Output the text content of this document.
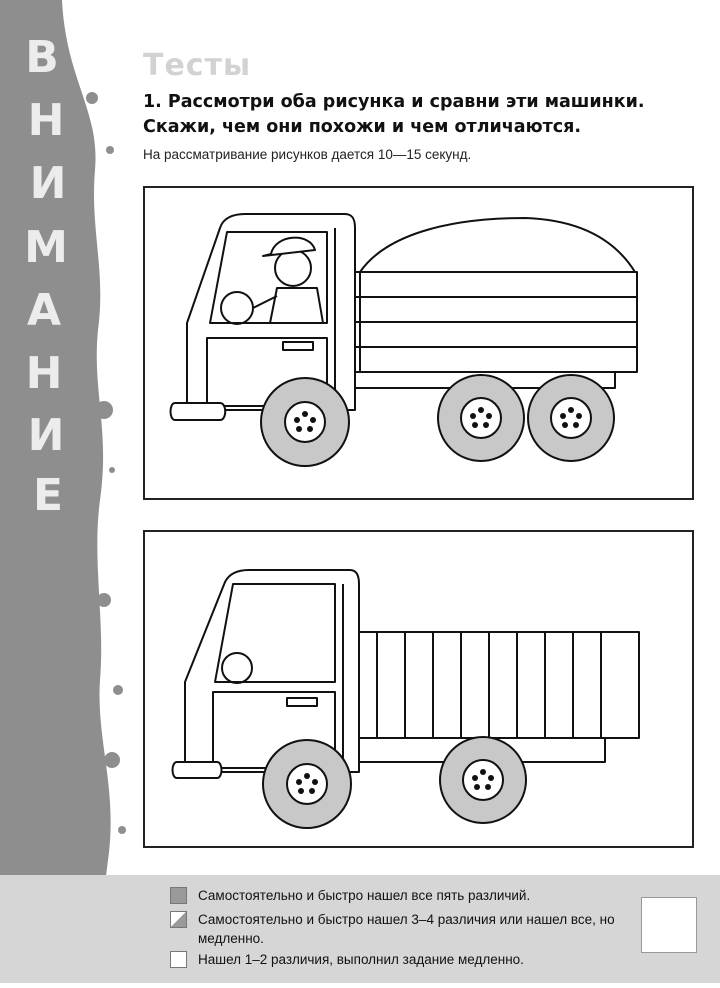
В
Н
И
М
А
Н
И
Е
Тесты

1. Рассмотри оба рисунка и сравни эти машинки. Скажи, чем они похожи и чем отличаются.

На рассматривание рисунков дается 10—15 секунд.

Самостоятельно и быстро нашел все пять различий.
Самостоятельно и быстро нашел 3–4 различия или нашел все, но медленно.
Нашел 1–2 различия, выполнил задание медленно.
